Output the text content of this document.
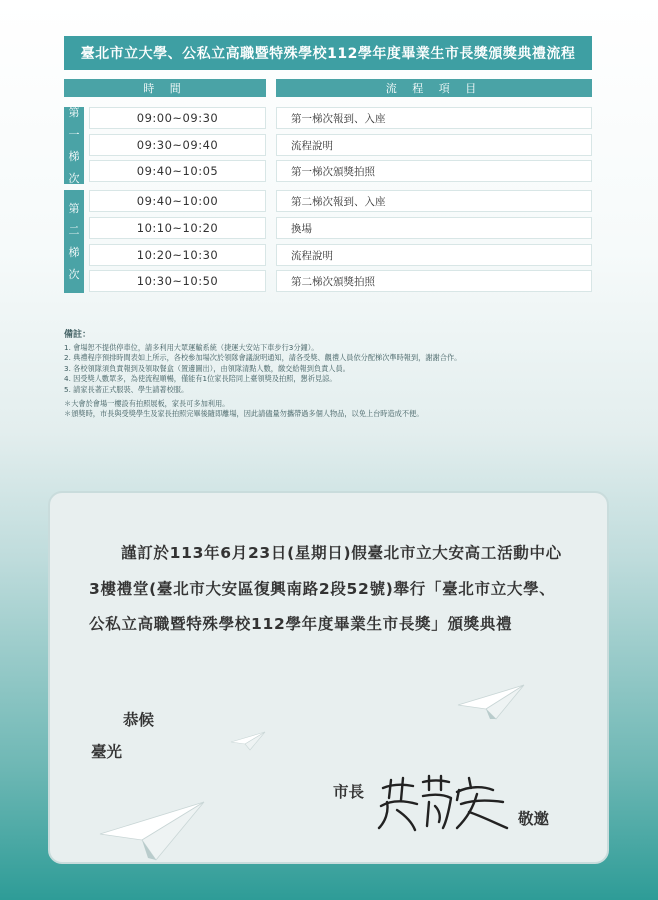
臺北市立大學、公私立高職暨特殊學校112學年度畢業生市長獎頒獎典禮流程
時 間	流 程 項 目
第
一
梯
次
09:00~09:30	第一梯次報到、入座
09:30~09:40	流程說明
09:40~10:05	第一梯次頒獎拍照
第
二
梯
次
09:40~10:00	第二梯次報到、入座
10:10~10:20	換場
10:20~10:30	流程說明
10:30~10:50	第二梯次頒獎拍照
備註：
1. 會場恕不提供停車位，請多利用大眾運輸系統（捷運大安站下車步行3分鐘）。
2. 典禮程序預排時間表如上所示，各校參加場次於領隊會議說明通知，請各受獎、觀禮人員依分配梯次準時報到，謝謝合作。
3. 各校領隊須負責報到及領取餐盒（置邊圖出），由領隊清點人數，繳交給報到負責人員。
4. 因受獎人數眾多，為使流程順暢，僅能有1位家長陪同上臺領獎及拍照，懇祈見諒。
5. 請家長著正式服裝、學生請著校服。
＊大會於會場一樓設有拍照展板，家長可多加利用。
＊頒獎時，市長與受獎學生及家長拍照完畢後隨即離場，因此請儘量勿攜帶過多個人物品，以免上台時造成不便。
謹訂於113年6月23日(星期日)假臺北市立大安高工活動中心3樓禮堂(臺北市大安區復興南路2段52號)舉行「臺北市立大學、公私立高職暨特殊學校112學年度畢業生市長獎」頒獎典禮
恭候
臺光
市長
敬邀
